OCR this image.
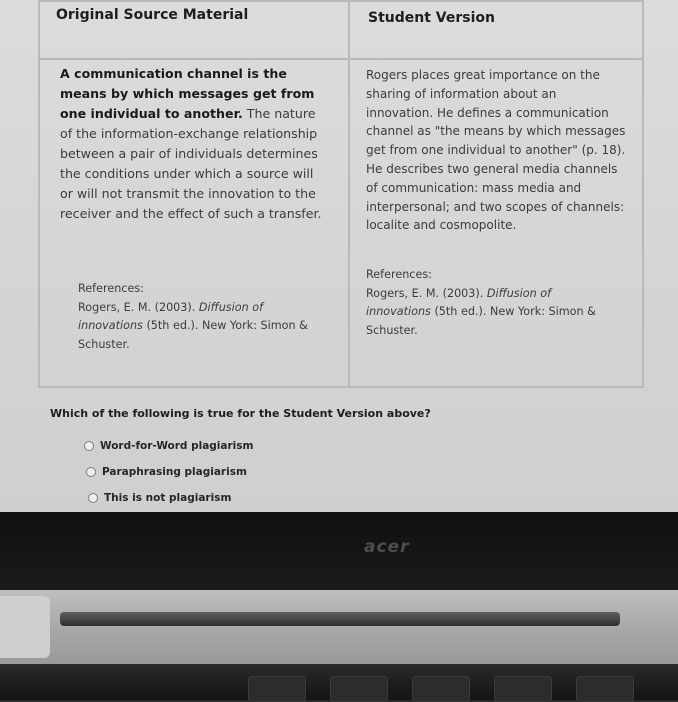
Original Source Material	Student Version
A communication channel is the means by which messages get from one individual to another. The nature of the information-exchange relationship between a pair of individuals determines the conditions under which a source will or will not transmit the innovation to the receiver and the effect of such a transfer.
References:
Rogers, E. M. (2003). Diffusion of innovations (5th ed.). New York: Simon & Schuster.
Rogers places great importance on the sharing of information about an innovation. He defines a communication channel as "the means by which messages get from one individual to another" (p. 18). He describes two general media channels of communication: mass media and interpersonal; and two scopes of channels: localite and cosmopolite.
References:
Rogers, E. M. (2003). Diffusion of innovations (5th ed.). New York: Simon & Schuster.
Which of the following is true for the Student Version above?
Word-for-Word plagiarism
Paraphrasing plagiarism
This is not plagiarism
acer
